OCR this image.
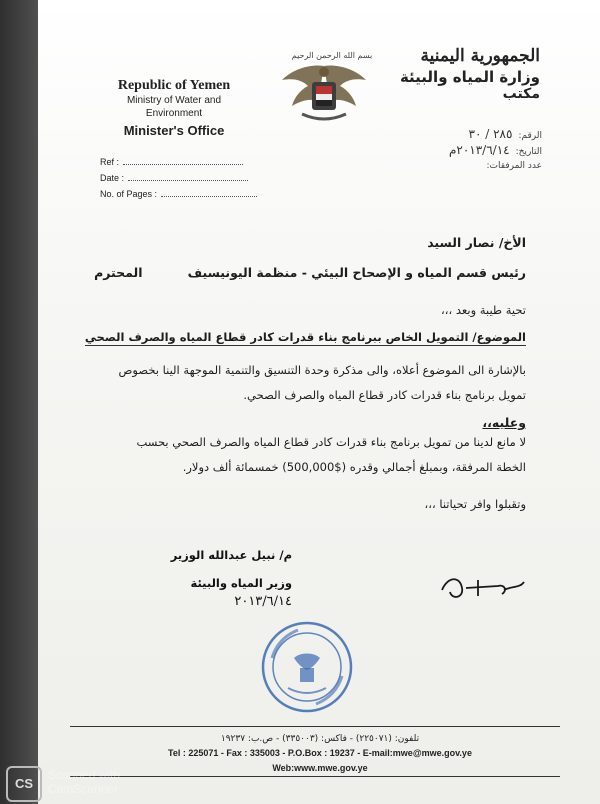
Republic of Yemen
Ministry of Water and
Environment
Minister's Office
بسم الله الرحمن الرحيم	الجمهورية اليمنية
وزارة المياه والبيئة
مكتب
Ref :
Date :
No. of Pages :
الرقم:٢٨٥ / ٣٠
التاريخ:٢٠١٣/٦/١٤م
عدد المرفقات:
الأخ/ نصار السيد
رئيس قسم المياه و الإصحاح البيئي - منظمة اليونيسيف المحترم
تحية طيبة وبعد ،،،
الموضوع/ التمويل الخاص ببرنامج بناء قدرات كادر قطاع المياه والصرف الصحي
بالإشارة الى الموضوع أعلاه، والى مذكرة وحدة التنسيق والتنمية الموجهة الينا بخصوص
تمويل برنامج بناء قدرات كادر قطاع المياه والصرف الصحي.
وعليه،،
لا مانع لدينا من تمويل برنامج بناء قدرات كادر قطاع المياه والصرف الصحي بحسب
الخطة المرفقة، وبمبلغ أجمالي وقدره ($500,000) خمسمائة ألف دولار.
وتقبلوا وافر تحياتنا ،،،
م/ نبيل عبدالله الوزير
وزير المياه والبيئة
٢٠١٣/٦/١٤
تلفون: (٢٢٥٠٧١) - فاكس: (٣٣٥٠٠٣) - ص.ب: ١٩٢٣٧
Tel : 225071 - Fax : 335003 - P.O.Box : 19237 - E-mail:mwe@mwe.gov.ye
Web:www.mwe.gov.ye
CS
Scanned with
CamScanner
